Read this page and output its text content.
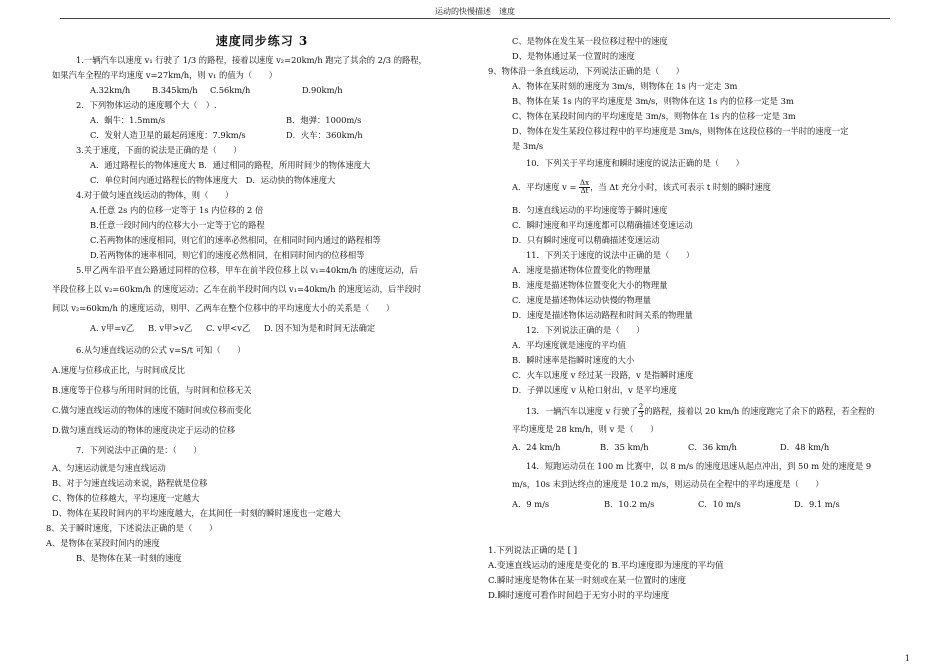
运动的快慢描述　速度
速度同步练习 3
1.一辆汽车以速度 v₁ 行驶了 1/3 的路程，接着以速度 v₂=20km/h 跑完了其余的 2/3 的路程，
如果汽车全程的平均速度 v=27km/h，则 v₁ 的值为（　　）
A.32km/h	B.345km/h C.56km/h	D.90km/h
2．下列物体运动的速度哪个大（　）.
A．蜗牛：1.5mm/s	B．炮弹：1000m/s
C．发射人造卫星的最起码速度：7.9km/s	D．火车：360km/h
3.关于速度，下面的说法是正确的是（　　）
A．通过路程长的物体速度大 B．通过相同的路程，所用时间少的物体速度大
C．单位时间内通过路程长的物体速度大　D．运动快的物体速度大
4.对于做匀速直线运动的物体，则（　　）
A.任意 2s 内的位移一定等于 1s 内位移的 2 倍
B.任意一段时间内的位移大小一定等于它的路程
C.若两物体的速度相同，则它们的速率必然相同，在相同时间内通过的路程相等
D.若两物体的速率相同，则它们的速度必然相同，在相同时间内的位移相等
5.甲乙两车沿平直公路通过同样的位移，甲车在前半段位移上以 v₁=40km/h 的速度运动，后
半段位移上以 v₂=60km/h 的速度运动；乙车在前半段时间内以 v₁=40km/h 的速度运动，后半段时
间以 v₂=60km/h 的速度运动，则甲、乙两车在整个位移中的平均速度大小的关系是（　　）
A. v甲=v乙 B. v甲>v乙 C. v甲<v乙 D. 因不知为是和时间无法确定
6.从匀速直线运动的公式 v=S/t 可知（　　）
A.速度与位移成正比，与时间成反比
B.速度等于位移与所用时间的比值，与时间和位移无关
C.做匀速直线运动的物体的速度不随时间或位移而变化
D.做匀速直线运动的物体的速度决定于运动的位移
7．下列说法中正确的是：（　　）
A、匀速运动就是匀速直线运动
B、对于匀速直线运动来说，路程就是位移
C、物体的位移越大，平均速度一定越大
D、物体在某段时间内的平均速度越大，在其间任一时刻的瞬时速度也一定越大
8、关于瞬时速度，下述说法正确的是（　　）
A、是物体在某段时间内的速度
B、是物体在某一时刻的速度
C、是物体在发生某一段位移过程中的速度
D、是物体通过某一位置时的速度
9、物体沿一条直线运动，下列说法正确的是（　　）
A、物体在某时刻的速度为 3m/s，则物体在 1s 内一定走 3m
B、物体在某 1s 内的平均速度是 3m/s，则物体在这 1s 内的位移一定是 3m
C、物体在某段时间内的平均速度是 3m/s，则物体在 1s 内的位移一定是 3m
D、物体在发生某段位移过程中的平均速度是 3m/s，则物体在这段位移的一半时的速度一定
是 3m/s
10．下列关于平均速度和瞬时速度的说法正确的是（　　）
A．平均速度 $v = \frac{\Delta x}{\Delta t}$ ，当 Δt 充分小时，该式可表示 t 时刻的瞬时速度
B．匀速直线运动的平均速度等于瞬时速度
C．瞬时速度和平均速度都可以精确描述变速运动
D．只有瞬时速度可以精确描述变速运动
11．下列关于速度的说法中正确的是（　　）
A．速度是描述物体位置变化的物理量
B．速度是描述物体位置变化大小的物理量
C．速度是描述物体运动快慢的物理量
D．速度是描述物体运动路程和时间关系的物理量
12．下列说法正确的是（　　）
A．平均速度就是速度的平均值
B．瞬时速率是指瞬时速度的大小
C．火车以速度 v 经过某一段路，v 是指瞬时速度
D．子弹以速度 v 从枪口射出，v 是平均速度
13．一辆汽车以速度 v 行驶了 $\frac{2}{3}$ 的路程，接着以 20 km/h 的速度跑完了余下的路程，若全程的
平均速度是 28 km/h，则 v 是（　　）
A．24 km/h	B．35 km/h	C．36 km/h	D．48 km/h
14．短跑运动员在 100 m 比赛中，以 8 m/s 的速度迅速从起点冲出，到 50 m 处的速度是 9
m/s，10s 末到达终点的速度是 10.2 m/s，则运动员在全程中的平均速度是（　　）
A．9 m/s	B．10.2 m/s	C．10 m/s	D．9.1 m/s
1.下列说法正确的是 [ ]
A.变速直线运动的速度是变化的 B.平均速度即为速度的平均值
C.瞬时速度是物体在某一时刻或在某一位置时的速度
D.瞬时速度可看作时间趋于无穷小时的平均速度
1
